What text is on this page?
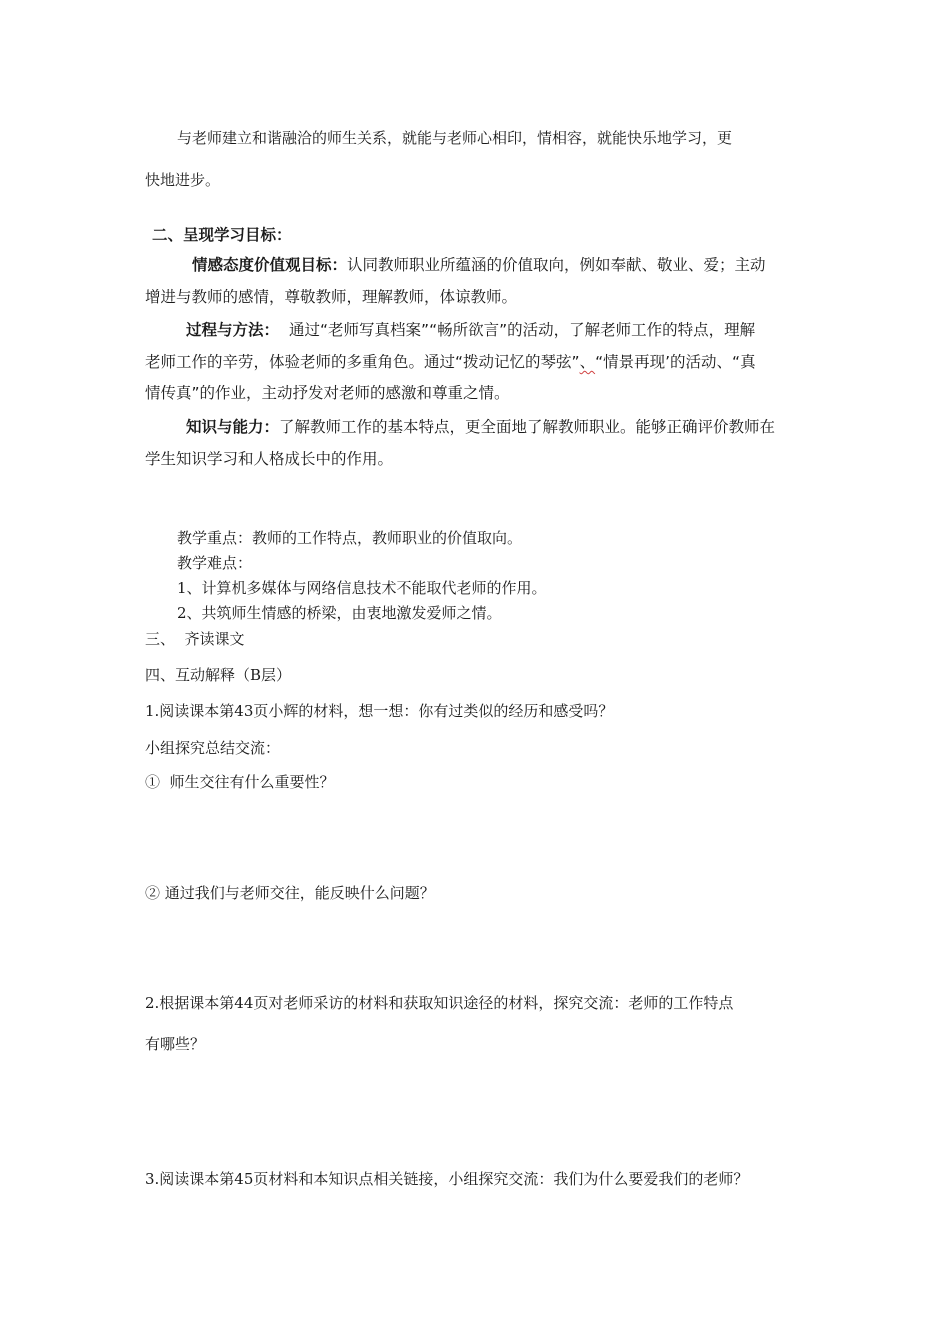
与老师建立和谐融洽的师生关系，就能与老师心相印，情相容，就能快乐地学习，更
快地进步。
二、呈现学习目标：
情感态度价值观目标：认同教师职业所蕴涵的价值取向，例如奉献、敬业、爱；主动
增进与教师的感情，尊敬教师，理解教师，体谅教师。
过程与方法： 通过“老师写真档案”“畅所欲言”的活动，了解老师工作的特点，理解
老师工作的辛劳，体验老师的多重角色。通过“拨动记忆的琴弦”、“情景再现’的活动、“真
情传真”的作业，主动抒发对老师的感激和尊重之情。
知识与能力：了解教师工作的基本特点，更全面地了解教师职业。能够正确评价教师在
学生知识学习和人格成长中的作用。
教学重点：教师的工作特点，教师职业的价值取向。
教学难点：
1、计算机多媒体与网络信息技术不能取代老师的作用。
2、共筑师生情感的桥梁，由衷地激发爱师之情。
三、  齐读课文
四、互动解释（B层）
1.阅读课本第43页小辉的材料，想一想：你有过类似的经历和感受吗？
小组探究总结交流：
①  师生交往有什么重要性？
② 通过我们与老师交往，能反映什么问题？
2.根据课本第44页对老师采访的材料和获取知识途径的材料，探究交流：老师的工作特点
有哪些？
3.阅读课本第45页材料和本知识点相关链接，小组探究交流：我们为什么要爱我们的老师？
